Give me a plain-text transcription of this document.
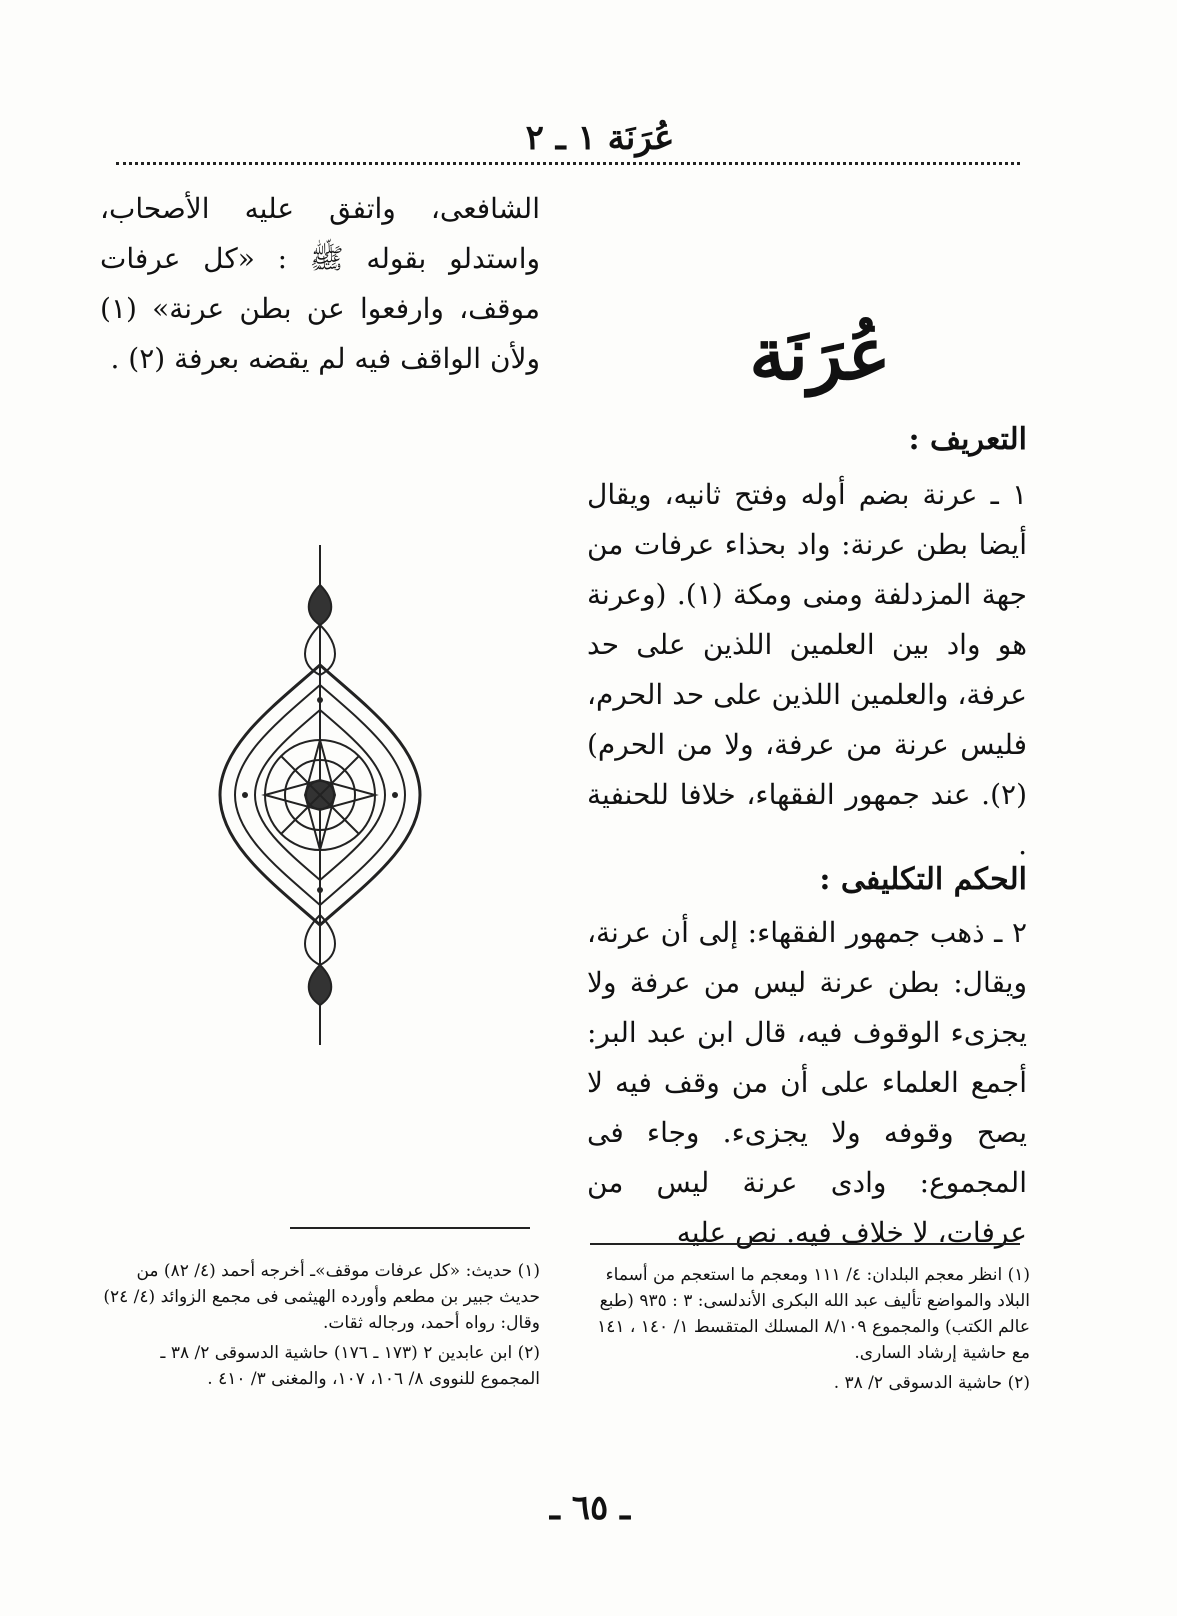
عُرَنَة ١ ـ ٢
الشافعى، واتفق عليه الأصحاب، واستدلو بقوله ﷺ : «كل عرفات موقف، وارفعوا عن بطن عرنة» (١) ولأن الواقف فيه لم يقضه بعرفة (٢) .	عُرَنَة
التعريف :
١ ـ عرنة بضم أوله وفتح ثانيه، ويقال أيضا بطن عرنة: واد بحذاء عرفات من جهة المزدلفة ومنى ومكة (١). (وعرنة هو واد بين العلمين اللذين على حد عرفة، والعلمين اللذين على حد الحرم، فليس عرنة من عرفة، ولا من الحرم) (٢). عند جمهور الفقهاء، خلافا للحنفية .
الحكم التكليفى :
٢ ـ ذهب جمهور الفقهاء: إلى أن عرنة، ويقال: بطن عرنة ليس من عرفة ولا يجزىء الوقوف فيه، قال ابن عبد البر: أجمع العلماء على أن من وقف فيه لا يصح وقوفه ولا يجزىء. وجاء فى المجموع: وادى عرنة ليس من عرفات، لا خلاف فيه. نص عليه
(١) انظر معجم البلدان: ٤/ ١١١ ومعجم ما استعجم من أسماء البلاد والمواضع تأليف عبد الله البكرى الأندلسى: ٣ : ٩٣٥ (طبع عالم الكتب) والمجموع ٨/١٠٩ المسلك المتقسط ١/ ١٤٠ ، ١٤١ مع حاشية إرشاد السارى.
(٢) حاشية الدسوقى ٢/ ٣٨ .
(١) حديث: «كل عرفات موقف»ـ أخرجه أحمد (٤/ ٨٢) من حديث جبير بن مطعم وأورده الهيثمى فى مجمع الزوائد (٤/ ٢٤) وقال: رواه أحمد، ورجاله ثقات.
(٢) ابن عابدين ٢ (١٧٣ ـ ١٧٦) حاشية الدسوقى ٢/ ٣٨ ـ المجموع للنووى ٨/ ١٠٦، ١٠٧، والمغنى ٣/ ٤١٠ .
ـ ٦٥ ـ
